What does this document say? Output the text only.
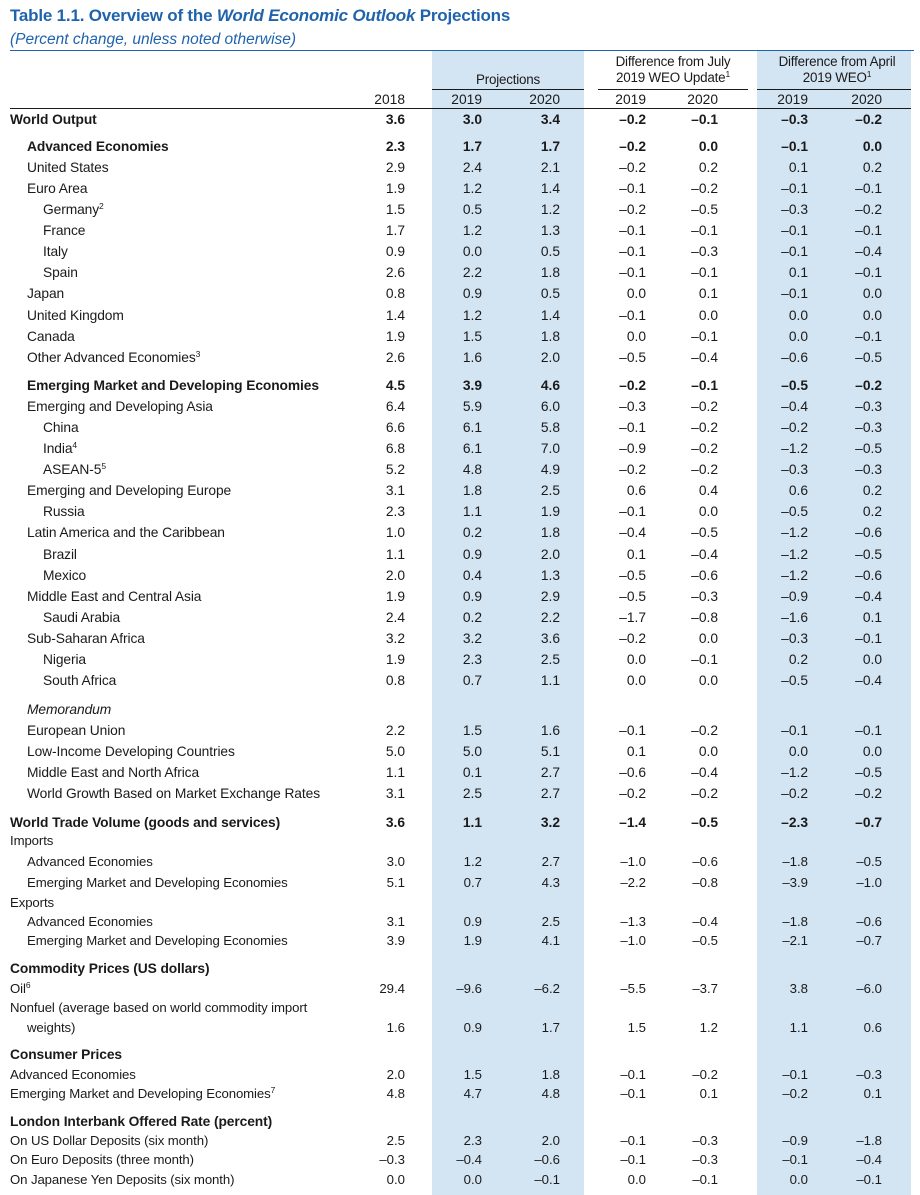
Table 1.1. Overview of the World Economic Outlook Projections
(Percent change, unless noted otherwise)
Projections
Difference from July
2019 WEO Update$^1$
Difference from April
2019 WEO$^1$
2018	2019	2020	2019	2020	2019	2020
World Output	3.6	3.0	3.4	–0.2	–0.1	–0.3	–0.2
Advanced Economies	2.3	1.7	1.7	–0.2	0.0	–0.1	0.0
United States	2.9	2.4	2.1	–0.2	0.2	0.1	0.2
Euro Area	1.9	1.2	1.4	–0.1	–0.2	–0.1	–0.1
Germany$^2$	1.5	0.5	1.2	–0.2	–0.5	–0.3	–0.2
France	1.7	1.2	1.3	–0.1	–0.1	–0.1	–0.1
Italy	0.9	0.0	0.5	–0.1	–0.3	–0.1	–0.4
Spain	2.6	2.2	1.8	–0.1	–0.1	0.1	–0.1
Japan	0.8	0.9	0.5	0.0	0.1	–0.1	0.0
United Kingdom	1.4	1.2	1.4	–0.1	0.0	0.0	0.0
Canada	1.9	1.5	1.8	0.0	–0.1	0.0	–0.1
Other Advanced Economies$^3$	2.6	1.6	2.0	–0.5	–0.4	–0.6	–0.5
Emerging Market and Developing Economies	4.5	3.9	4.6	–0.2	–0.1	–0.5	–0.2
Emerging and Developing Asia	6.4	5.9	6.0	–0.3	–0.2	–0.4	–0.3
China	6.6	6.1	5.8	–0.1	–0.2	–0.2	–0.3
India$^4$	6.8	6.1	7.0	–0.9	–0.2	–1.2	–0.5
ASEAN-$5^5$	5.2	4.8	4.9	–0.2	–0.2	–0.3	–0.3
Emerging and Developing Europe	3.1	1.8	2.5	0.6	0.4	0.6	0.2
Russia	2.3	1.1	1.9	–0.1	0.0	–0.5	0.2
Latin America and the Caribbean	1.0	0.2	1.8	–0.4	–0.5	–1.2	–0.6
Brazil	1.1	0.9	2.0	0.1	–0.4	–1.2	–0.5
Mexico	2.0	0.4	1.3	–0.5	–0.6	–1.2	–0.6
Middle East and Central Asia	1.9	0.9	2.9	–0.5	–0.3	–0.9	–0.4
Saudi Arabia	2.4	0.2	2.2	–1.7	–0.8	–1.6	0.1
Sub-Saharan Africa	3.2	3.2	3.6	–0.2	0.0	–0.3	–0.1
Nigeria	1.9	2.3	2.5	0.0	–0.1	0.2	0.0
South Africa	0.8	0.7	1.1	0.0	0.0	–0.5	–0.4
Memorandum
European Union	2.2	1.5	1.6	–0.1	–0.2	–0.1	–0.1
Low-Income Developing Countries	5.0	5.0	5.1	0.1	0.0	0.0	0.0
Middle East and North Africa	1.1	0.1	2.7	–0.6	–0.4	–1.2	–0.5
World Growth Based on Market Exchange Rates	3.1	2.5	2.7	–0.2	–0.2	–0.2	–0.2
World Trade Volume (goods and services)	3.6	1.1	3.2	–1.4	–0.5	–2.3	–0.7
Imports
Advanced Economies	3.0	1.2	2.7	–1.0	–0.6	–1.8	–0.5
Emerging Market and Developing Economies	5.1	0.7	4.3	–2.2	–0.8	–3.9	–1.0
Exports
Advanced Economies	3.1	0.9	2.5	–1.3	–0.4	–1.8	–0.6
Emerging Market and Developing Economies	3.9	1.9	4.1	–1.0	–0.5	–2.1	–0.7
Commodity Prices (US dollars)
Oil$^6$	29.4	–9.6	–6.2	–5.5	–3.7	3.8	–6.0
Nonfuel (average based on world commodity import
weights)	1.6	0.9	1.7	1.5	1.2	1.1	0.6
Consumer Prices
Advanced Economies	2.0	1.5	1.8	–0.1	–0.2	–0.1	–0.3
Emerging Market and Developing Economies$^7$	4.8	4.7	4.8	–0.1	0.1	–0.2	0.1
London Interbank Offered Rate (percent)
On US Dollar Deposits (six month)	2.5	2.3	2.0	–0.1	–0.3	–0.9	–1.8
On Euro Deposits (three month)	–0.3	–0.4	–0.6	–0.1	–0.3	–0.1	–0.4
On Japanese Yen Deposits (six month)	0.0	0.0	–0.1	0.0	–0.1	0.0	–0.1
